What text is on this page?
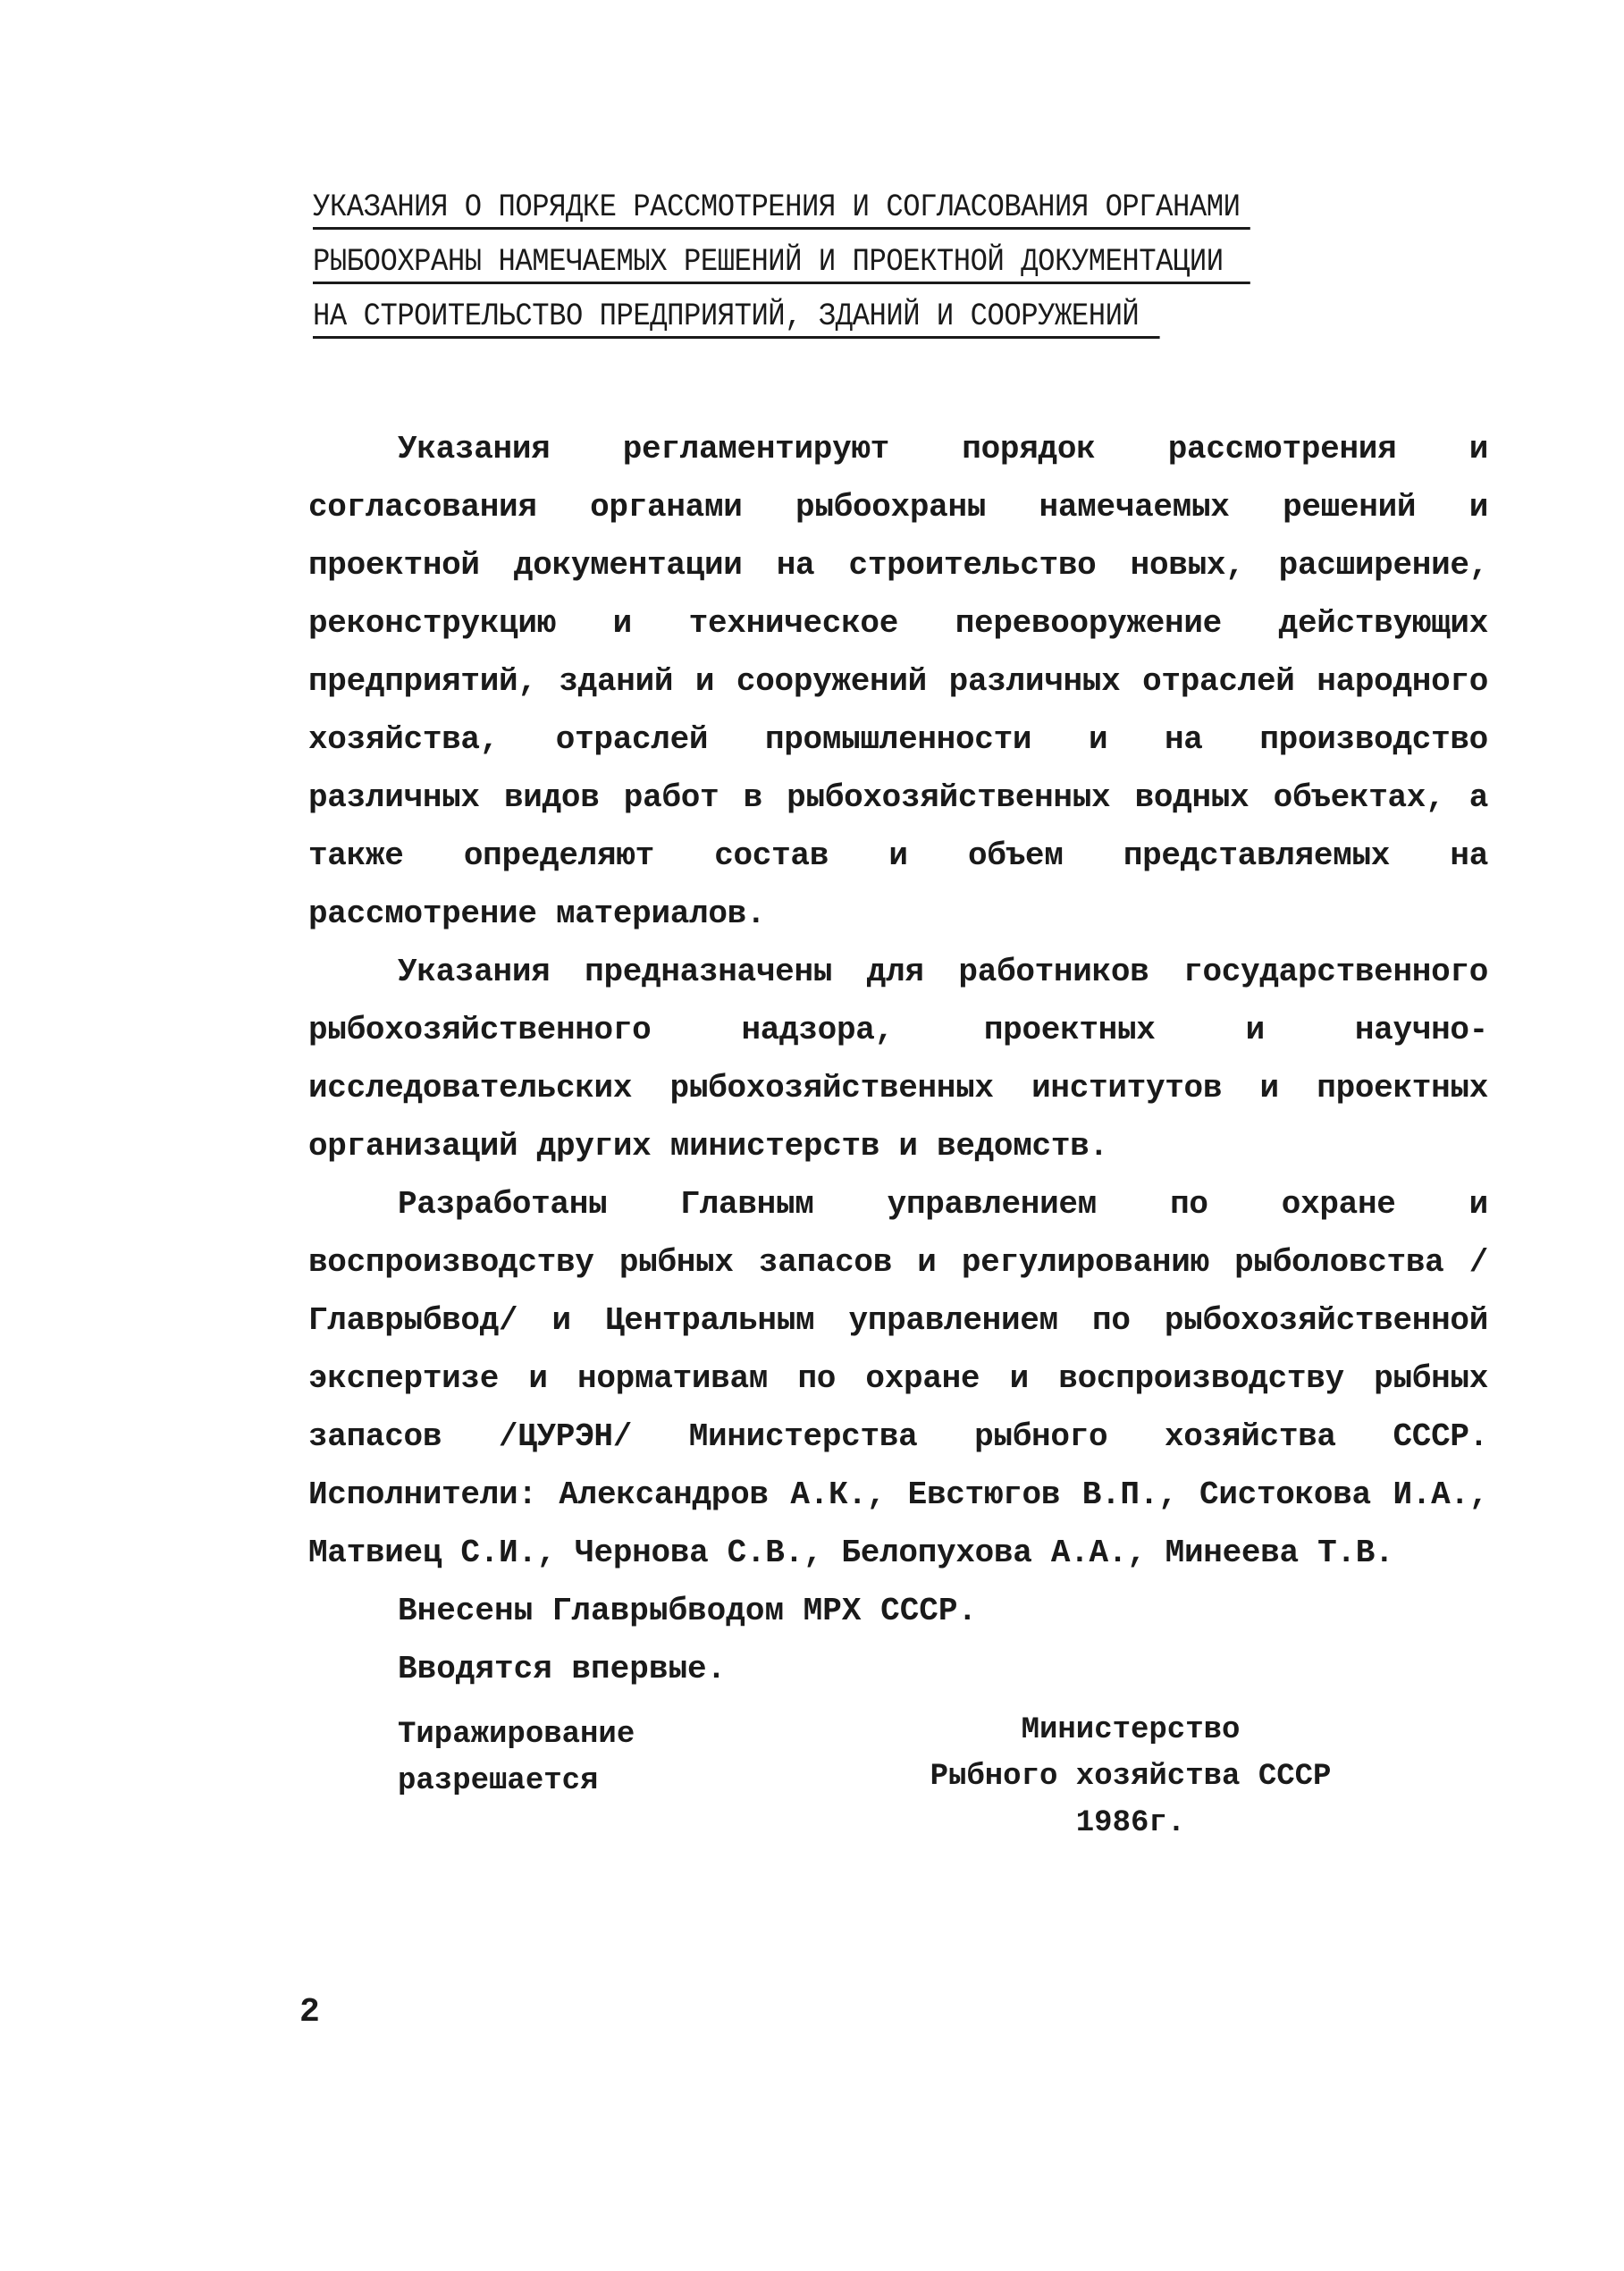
УКАЗАНИЯ О ПОРЯДКЕ РАССМОТРЕНИЯ И СОГЛАСОВАНИЯ ОРГАНАМИ
РЫБООХРАНЫ НАМЕЧАЕМЫХ РЕШЕНИЙ И ПРОЕКТНОЙ ДОКУМЕНТАЦИИ
НА СТРОИТЕЛЬСТВО ПРЕДПРИЯТИЙ, ЗДАНИЙ И СООРУЖЕНИЙ

Указания регламентируют порядок рассмотрения и согласования органами рыбоохраны намечаемых решений и проектной документации на строительство новых, расширение, реконструкцию и техническое перевооружение действующих предприятий, зданий и сооружений различных отраслей народного хозяйства, отраслей промышленности и на производство различных видов работ в рыбохозяйственных водных объектах, а также определяют состав и объем представляемых на рассмотрение материалов.

Указания предназначены для работников государственного рыбохозяйственного надзора, проектных и научно-исследовательских рыбохозяйственных институтов и проектных организаций других министерств и ведомств.

Разработаны Главным управлением по охране и воспроизводству рыбных запасов и регулированию рыболовства /Главрыбвод/ и Центральным управлением по рыбохозяйственной экспертизе и нормативам по охране и воспроизводству рыбных запасов /ЦУРЭН/ Министерства рыбного хозяйства СССР. Исполнители: Александров А.К., Евстюгов В.П., Систокова И.А., Матвиец С.И., Чернова С.В., Белопухова А.А., Минеева Т.В.

Внесены Главрыбводом МРХ СССР.

Вводятся впервые.

Тиражирование
разрешается
Министерство
Рыбного хозяйства СССР
1986г.
2
